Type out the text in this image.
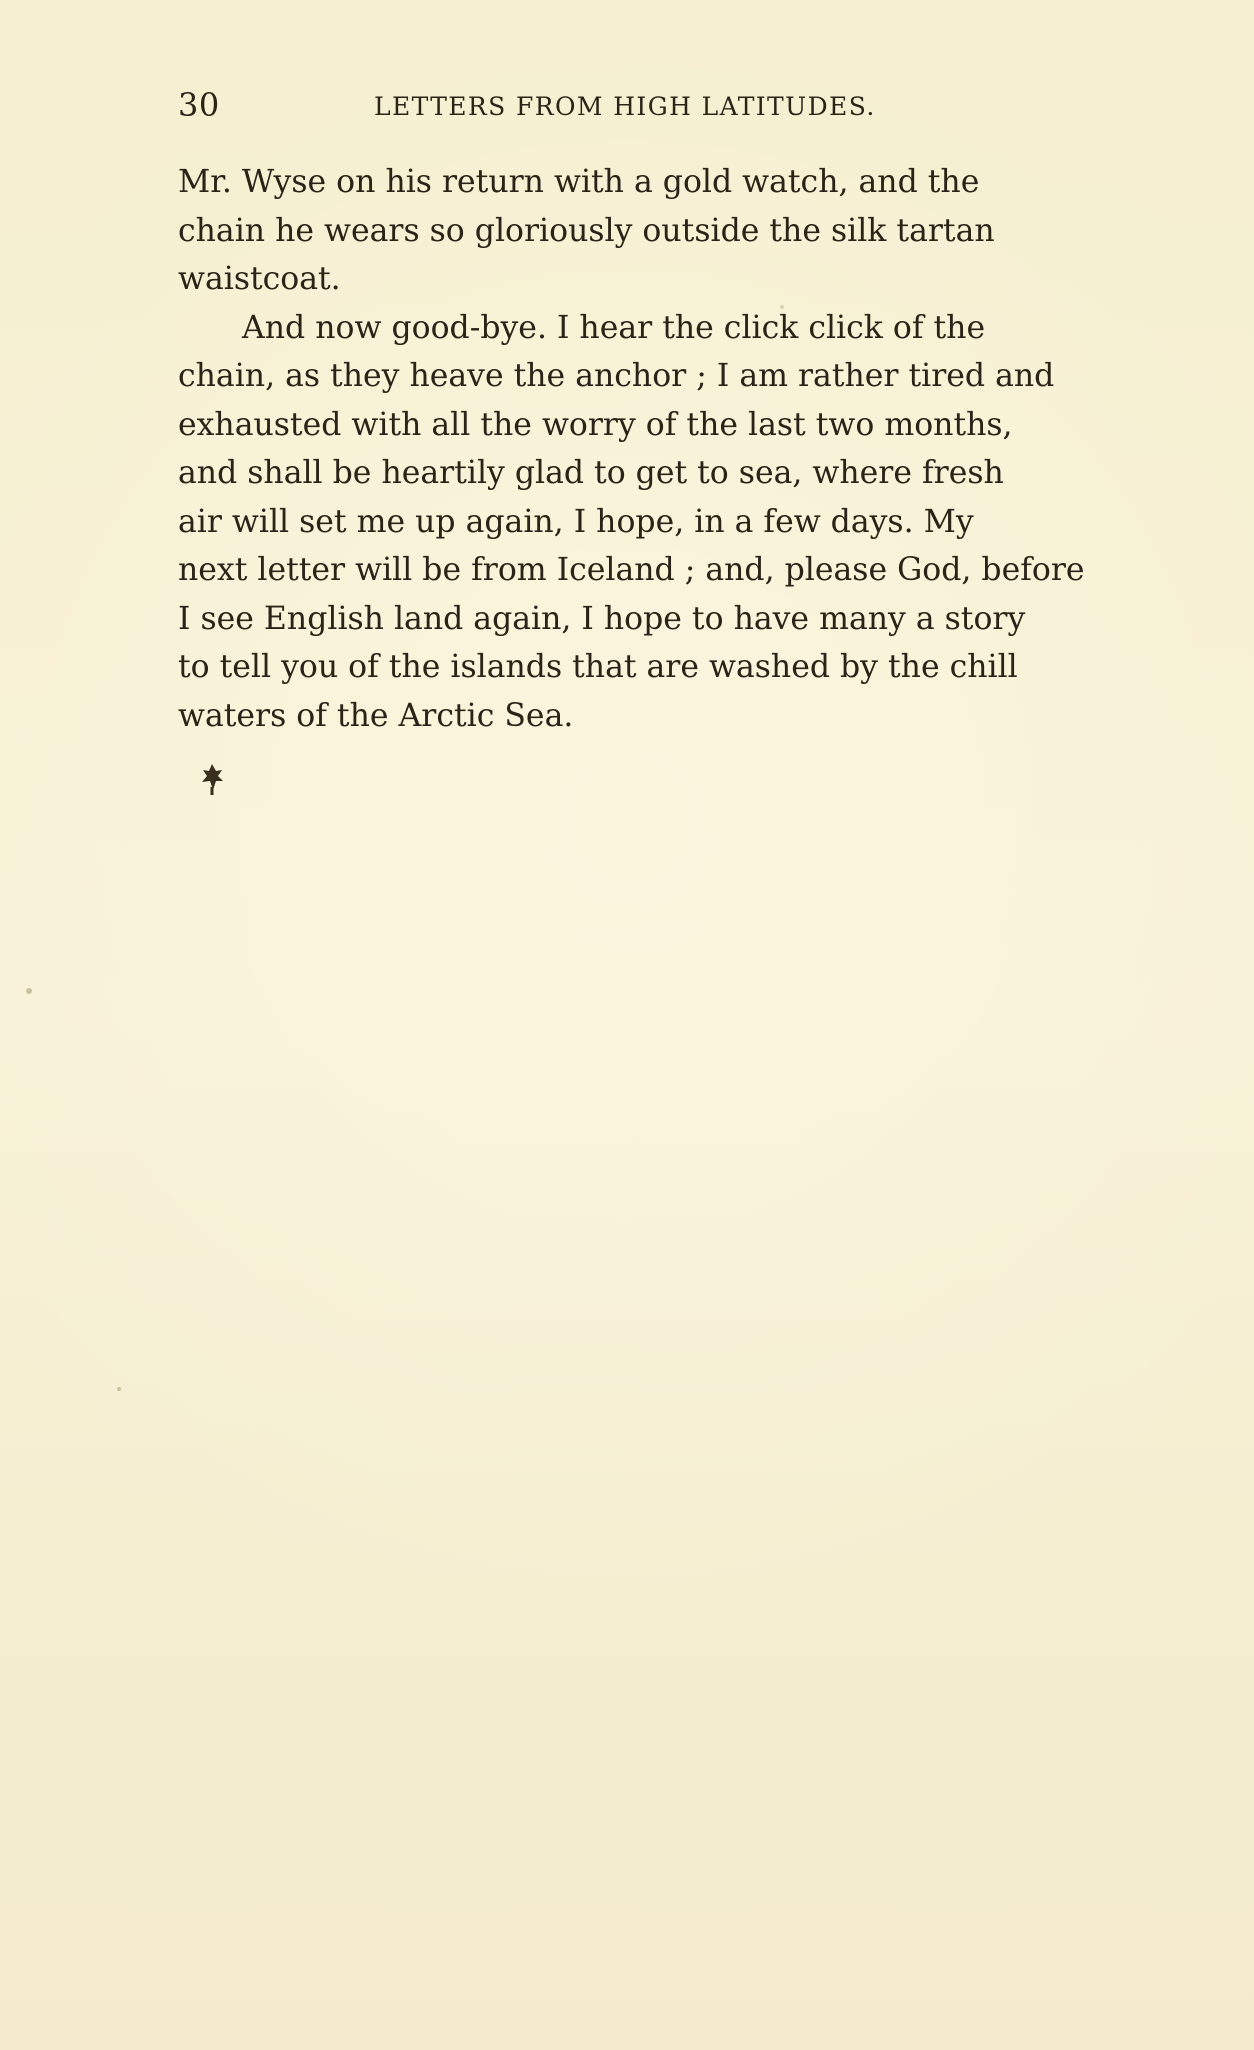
30	LETTERS FROM HIGH LATITUDES.
Mr. Wyse on his return with a gold watch, and the
chain he wears so gloriously outside the silk tartan
waistcoat.
And now good-bye. I hear the click click of the
chain, as they heave the anchor ; I am rather tired and
exhausted with all the worry of the last two months,
and shall be heartily glad to get to sea, where fresh
air will set me up again, I hope, in a few days. My
next letter will be from Iceland ; and, please God, before
I see English land again, I hope to have many a story
to tell you of the islands that are washed by the chill
waters of the Arctic Sea.
